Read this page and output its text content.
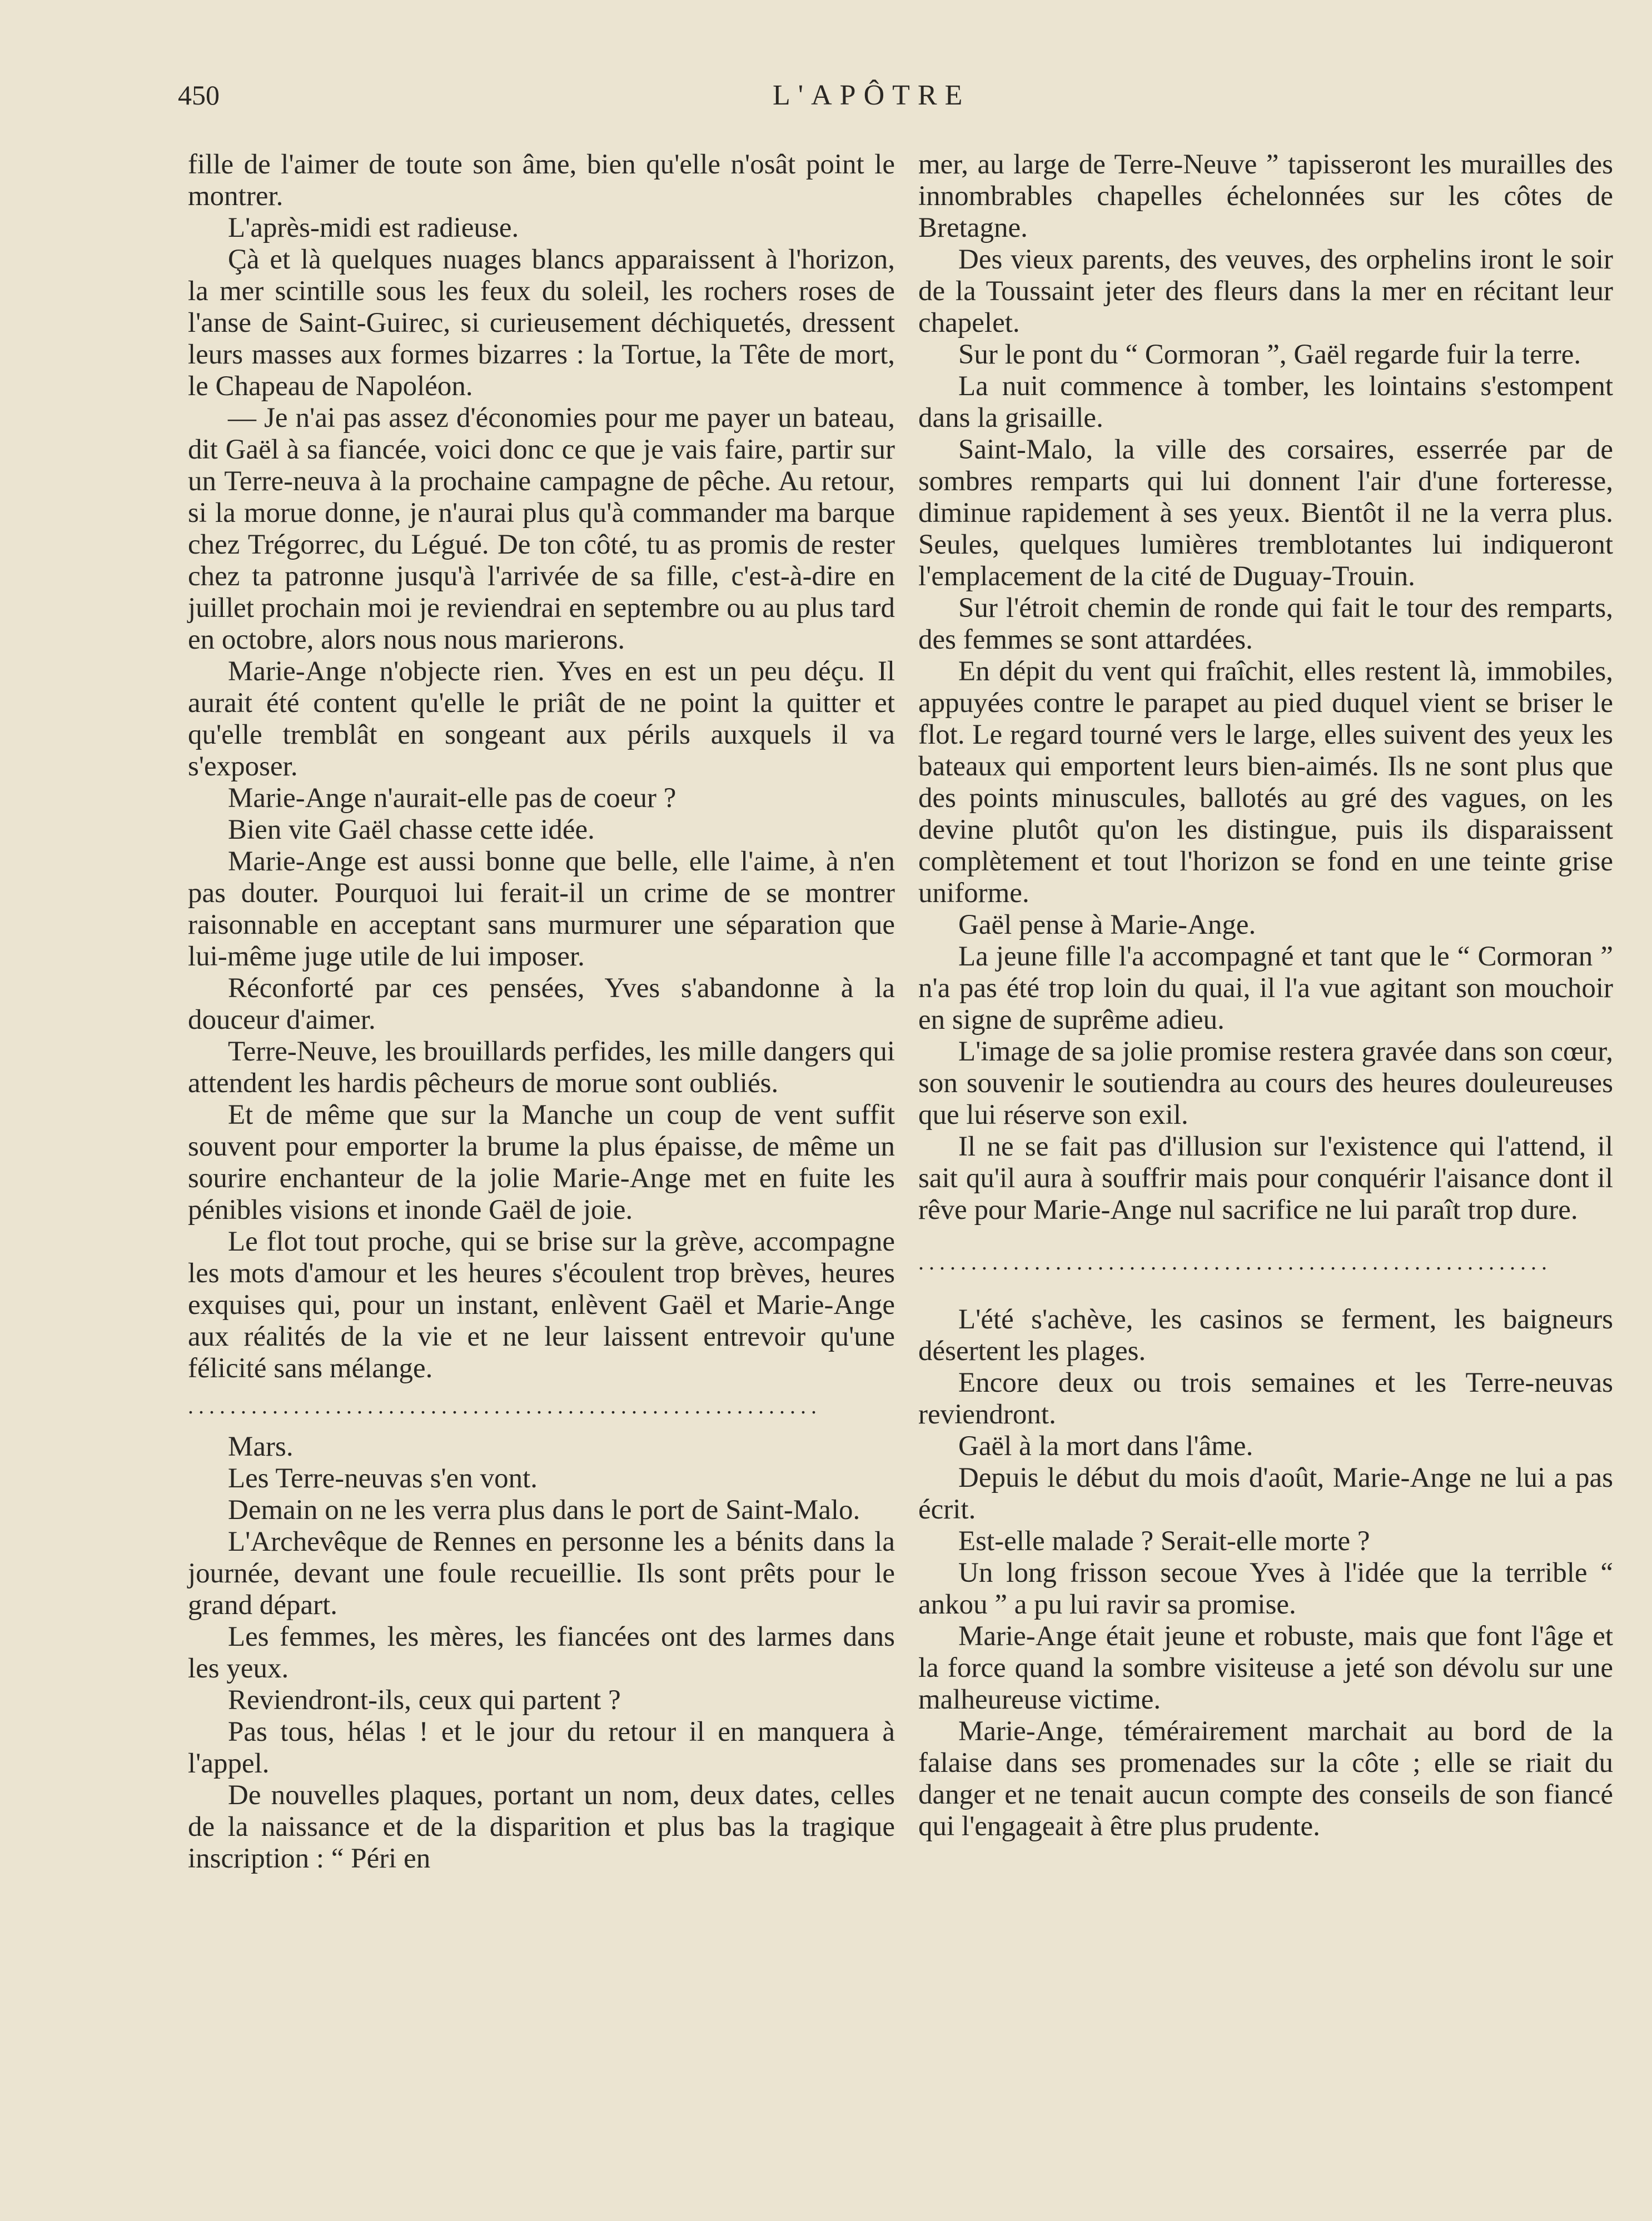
450	L'APÔTRE

fille de l'aimer de toute son âme, bien qu'elle n'osât point le montrer.

L'après-midi est radieuse.

Çà et là quelques nuages blancs apparaissent à l'horizon, la mer scintille sous les feux du soleil, les rochers roses de l'anse de Saint-Guirec, si curieusement déchiquetés, dressent leurs masses aux formes bizarres : la Tortue, la Tête de mort, le Chapeau de Napoléon.

— Je n'ai pas assez d'économies pour me payer un bateau, dit Gaël à sa fiancée, voici donc ce que je vais faire, partir sur un Terre-neuva à la prochaine campagne de pêche. Au retour, si la morue donne, je n'aurai plus qu'à commander ma barque chez Trégorrec, du Légué. De ton côté, tu as promis de rester chez ta patronne jusqu'à l'arrivée de sa fille, c'est-à-dire en juillet prochain moi je reviendrai en septembre ou au plus tard en octobre, alors nous nous marierons.

Marie-Ange n'objecte rien. Yves en est un peu déçu. Il aurait été content qu'elle le priât de ne point la quitter et qu'elle tremblât en songeant aux périls auxquels il va s'exposer.

Marie-Ange n'aurait-elle pas de coeur ?

Bien vite Gaël chasse cette idée.

Marie-Ange est aussi bonne que belle, elle l'aime, à n'en pas douter. Pourquoi lui ferait-il un crime de se montrer raisonnable en acceptant sans murmurer une séparation que lui-même juge utile de lui imposer.

Réconforté par ces pensées, Yves s'abandonne à la douceur d'aimer.

Terre-Neuve, les brouillards perfides, les mille dangers qui attendent les hardis pêcheurs de morue sont oubliés.

Et de même que sur la Manche un coup de vent suffit souvent pour emporter la brume la plus épaisse, de même un sourire enchanteur de la jolie Marie-Ange met en fuite les pénibles visions et inonde Gaël de joie.

Le flot tout proche, qui se brise sur la grève, accompagne les mots d'amour et les heures s'écoulent trop brèves, heures exquises qui, pour un instant, enlèvent Gaël et Marie-Ange aux réalités de la vie et ne leur laissent entrevoir qu'une félicité sans mélange.

............................................................

Mars.

Les Terre-neuvas s'en vont.

Demain on ne les verra plus dans le port de Saint-Malo.

L'Archevêque de Rennes en personne les a bénits dans la journée, devant une foule recueillie. Ils sont prêts pour le grand départ.

Les femmes, les mères, les fiancées ont des larmes dans les yeux.

Reviendront-ils, ceux qui partent ?

Pas tous, hélas ! et le jour du retour il en manquera à l'appel.

De nouvelles plaques, portant un nom, deux dates, celles de la naissance et de la disparition et plus bas la tragique inscription : “ Péri en

mer, au large de Terre-Neuve ” tapisseront les murailles des innombrables chapelles échelonnées sur les côtes de Bretagne.

Des vieux parents, des veuves, des orphelins iront le soir de la Toussaint jeter des fleurs dans la mer en récitant leur chapelet.

Sur le pont du “ Cormoran ”, Gaël regarde fuir la terre.

La nuit commence à tomber, les lointains s'estompent dans la grisaille.

Saint-Malo, la ville des corsaires, esserrée par de sombres remparts qui lui donnent l'air d'une forteresse, diminue rapidement à ses yeux. Bientôt il ne la verra plus. Seules, quelques lumières tremblotantes lui indiqueront l'emplacement de la cité de Duguay-Trouin.

Sur l'étroit chemin de ronde qui fait le tour des remparts, des femmes se sont attardées.

En dépit du vent qui fraîchit, elles restent là, immobiles, appuyées contre le parapet au pied duquel vient se briser le flot. Le regard tourné vers le large, elles suivent des yeux les bateaux qui emportent leurs bien-aimés. Ils ne sont plus que des points minuscules, ballotés au gré des vagues, on les devine plutôt qu'on les distingue, puis ils disparaissent complètement et tout l'horizon se fond en une teinte grise uniforme.

Gaël pense à Marie-Ange.

La jeune fille l'a accompagné et tant que le “ Cormoran ” n'a pas été trop loin du quai, il l'a vue agitant son mouchoir en signe de suprême adieu.

L'image de sa jolie promise restera gravée dans son cœur, son souvenir le soutiendra au cours des heures douleureuses que lui réserve son exil.

Il ne se fait pas d'illusion sur l'existence qui l'attend, il sait qu'il aura à souffrir mais pour conquérir l'aisance dont il rêve pour Marie-Ange nul sacrifice ne lui paraît trop dure.

............................................................

L'été s'achève, les casinos se ferment, les baigneurs désertent les plages.

Encore deux ou trois semaines et les Terre-neuvas reviendront.

Gaël à la mort dans l'âme.

Depuis le début du mois d'août, Marie-Ange ne lui a pas écrit.

Est-elle malade ? Serait-elle morte ?

Un long frisson secoue Yves à l'idée que la terrible “ ankou ” a pu lui ravir sa promise.

Marie-Ange était jeune et robuste, mais que font l'âge et la force quand la sombre visiteuse a jeté son dévolu sur une malheureuse victime.

Marie-Ange, témérairement marchait au bord de la falaise dans ses promenades sur la côte ; elle se riait du danger et ne tenait aucun compte des conseils de son fiancé qui l'engageait à être plus prudente.
